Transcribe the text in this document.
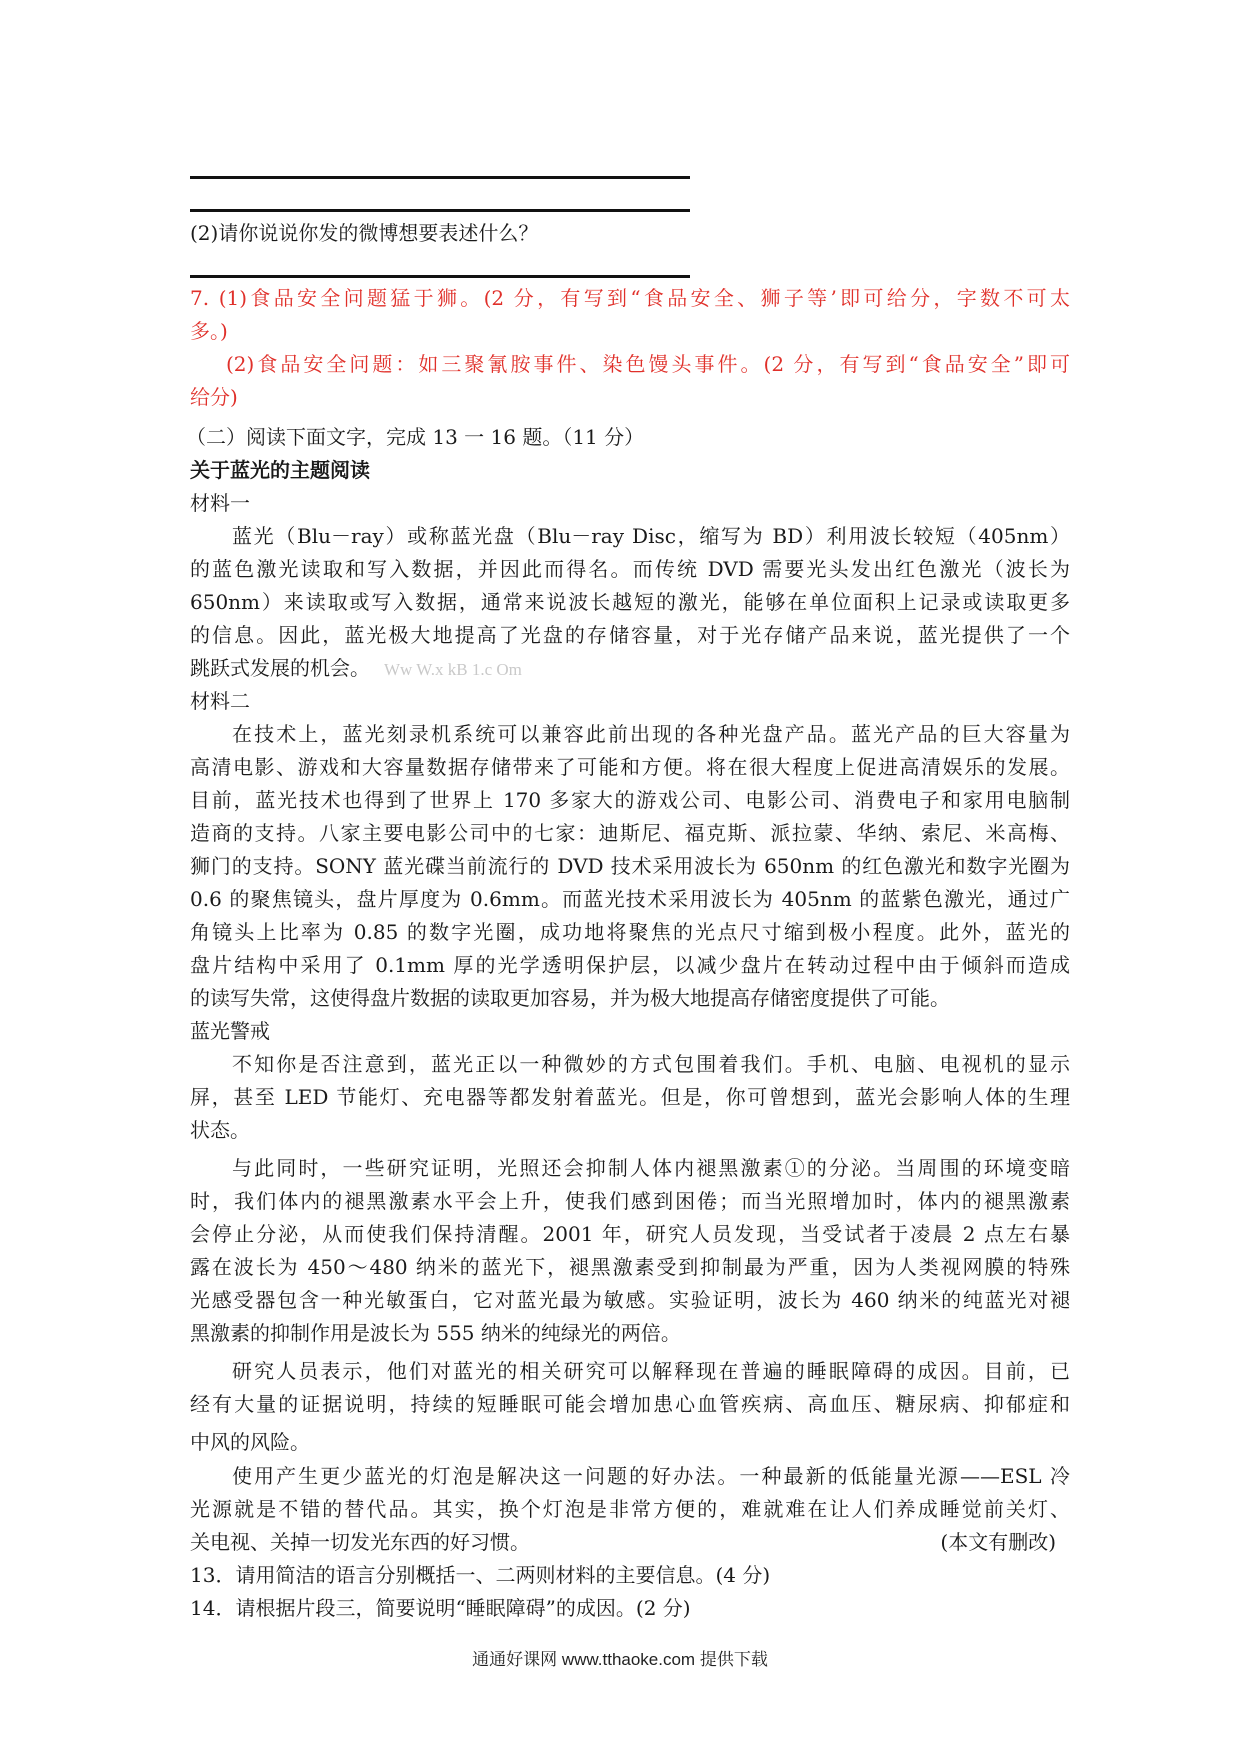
(2)请你说说你发的微博想要表述什么？
7. (1)食品安全问题猛于狮。(2 分，有写到“食品安全、狮子等’即可给分，字数不可太
多。)
(2)食品安全问题：如三聚氰胺事件、染色馒头事件。(2 分，有写到“食品安全”即可
给分)
（二）阅读下面文字，完成 13 一 16 题。（11 分）
关于蓝光的主题阅读
材料一
蓝光（Blu－ray）或称蓝光盘（Blu－ray Disc，缩写为 BD）利用波长较短（405nm）
的蓝色激光读取和写入数据，并因此而得名。而传统 DVD 需要光头发出红色激光（波长为
650nm）来读取或写入数据，通常来说波长越短的激光，能够在单位面积上记录或读取更多
的信息。因此，蓝光极大地提高了光盘的存储容量，对于光存储产品来说，蓝光提供了一个
跳跃式发展的机会。 Ww W.x kB 1.c Om
材料二
在技术上，蓝光刻录机系统可以兼容此前出现的各种光盘产品。蓝光产品的巨大容量为
高清电影、游戏和大容量数据存储带来了可能和方便。将在很大程度上促进高清娱乐的发展。
目前，蓝光技术也得到了世界上 170 多家大的游戏公司、电影公司、消费电子和家用电脑制
造商的支持。八家主要电影公司中的七家：迪斯尼、福克斯、派拉蒙、华纳、索尼、米高梅、
狮门的支持。SONY 蓝光碟当前流行的 DVD 技术采用波长为 650nm 的红色激光和数字光圈为
0.6 的聚焦镜头，盘片厚度为 0.6mm。而蓝光技术采用波长为 405nm 的蓝紫色激光，通过广
角镜头上比率为 0.85 的数字光圈，成功地将聚焦的光点尺寸缩到极小程度。此外，蓝光的
盘片结构中采用了 0.1mm 厚的光学透明保护层，以减少盘片在转动过程中由于倾斜而造成
的读写失常，这使得盘片数据的读取更加容易，并为极大地提高存储密度提供了可能。
蓝光警戒
不知你是否注意到，蓝光正以一种微妙的方式包围着我们。手机、电脑、电视机的显示
屏，甚至 LED 节能灯、充电器等都发射着蓝光。但是，你可曾想到，蓝光会影响人体的生理
状态。
与此同时，一些研究证明，光照还会抑制人体内褪黑激素①的分泌。当周围的环境变暗
时，我们体内的褪黑激素水平会上升，使我们感到困倦；而当光照增加时，体内的褪黑激素
会停止分泌，从而使我们保持清醒。2001 年，研究人员发现，当受试者于凌晨 2 点左右暴
露在波长为 450～480 纳米的蓝光下，褪黑激素受到抑制最为严重，因为人类视网膜的特殊
光感受器包含一种光敏蛋白，它对蓝光最为敏感。实验证明，波长为 460 纳米的纯蓝光对褪
黑激素的抑制作用是波长为 555 纳米的纯绿光的两倍。
研究人员表示，他们对蓝光的相关研究可以解释现在普遍的睡眠障碍的成因。目前，已
经有大量的证据说明，持续的短睡眠可能会增加患心血管疾病、高血压、糖尿病、抑郁症和
中风的风险。
使用产生更少蓝光的灯泡是解决这一问题的好办法。一种最新的低能量光源——ESL 冷
光源就是不错的替代品。其实，换个灯泡是非常方便的，难就难在让人们养成睡觉前关灯、
关电视、关掉一切发光东西的好习惯。	(本文有删改)
13．请用简洁的语言分别概括一、二两则材料的主要信息。(4 分)
14．请根据片段三，简要说明“睡眠障碍”的成因。(2 分)
通通好课网 www.tthaoke.com 提供下载
